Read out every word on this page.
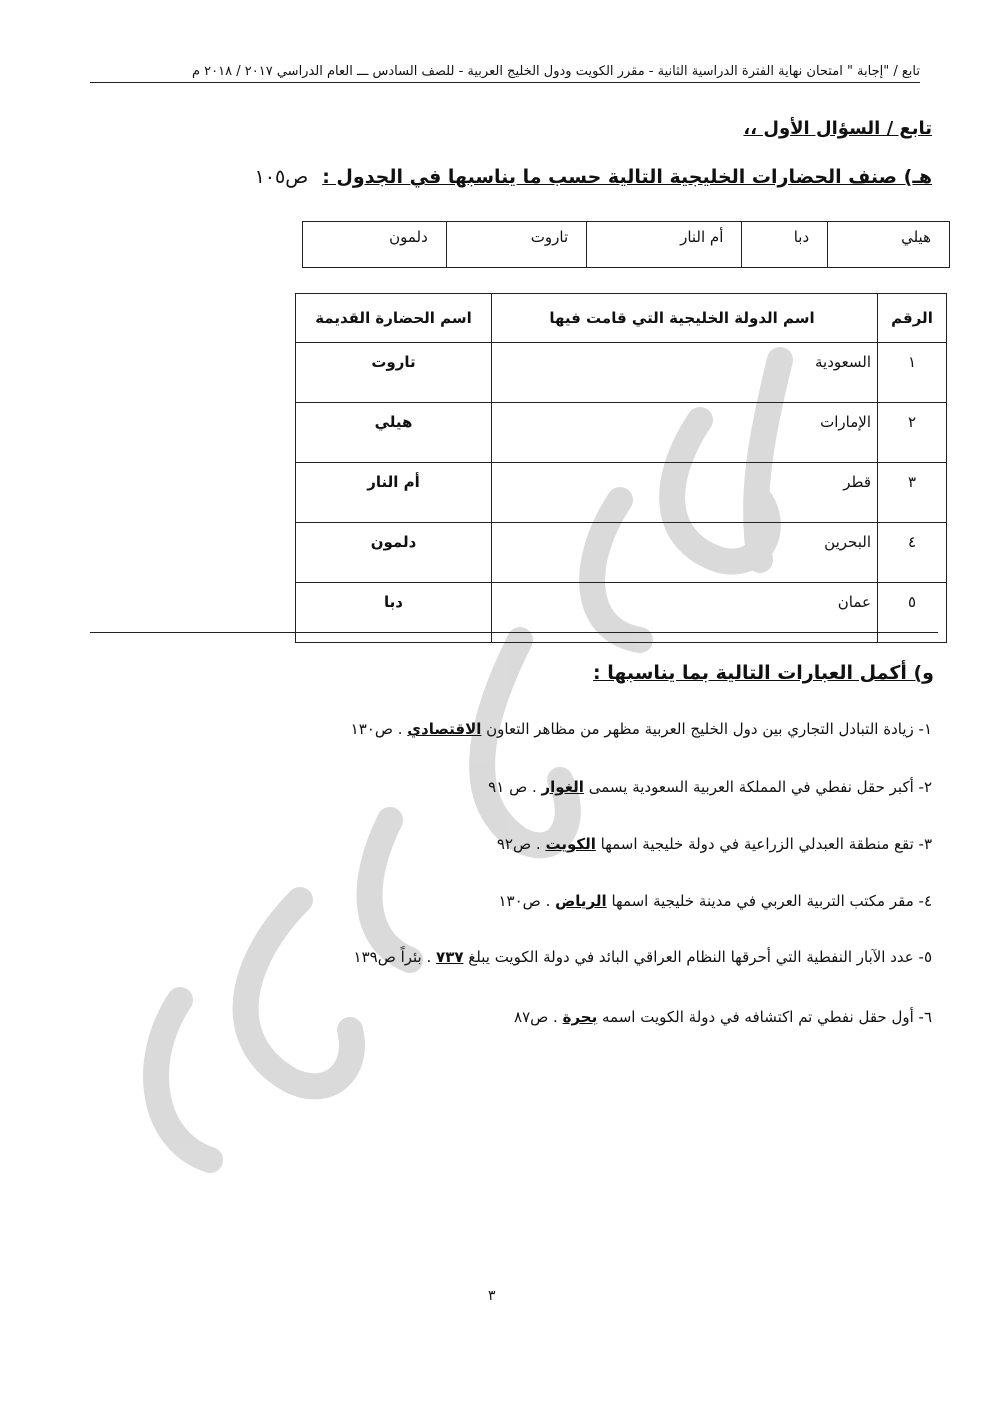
تابع / "إجابة " امتحان نهاية الفترة الدراسية الثانية - مقرر الكويت ودول الخليج العربية - للصف السادس ـــ العام الدراسي ٢٠١٧ / ٢٠١٨ م
تابع / السؤال الأول ،،
هـ) صنف الحضارات الخليجية التالية حسب ما يناسبها في الجدول :ص١٠٥
هيلي	دبا	أم النار	تاروت	دلمون
الرقم	اسم الدولة الخليجية التي قامت فيها	اسم الحضارة القديمة
١	السعودية	تاروت
٢	الإمارات	هيلي
٣	قطر	أم النار
٤	البحرين	دلمون
٥	عمان	دبا
و) أكمل العبارات التالية بما يناسبها :
١- زيادة التبادل التجاري بين دول الخليج العربية مظهر من مظاهر التعاون الاقتصادي . ص١٣٠
٢- أكبر حقل نفطي في المملكة العربية السعودية يسمى الغوار . ص ٩١
٣- تقع منطقة العبدلي الزراعية في دولة خليجية اسمها الكويت . ص٩٢
٤- مقر مكتب التربية العربي في مدينة خليجية اسمها الرياض . ص١٣٠
٥- عدد الآبار النفطية التي أحرقها النظام العراقي البائد في دولة الكويت يبلغ ٧٣٧ . بئراً ص١٣٩
٦- أول حقل نفطي تم اكتشافه في دولة الكويت اسمه بحرة . ص٨٧
٣
